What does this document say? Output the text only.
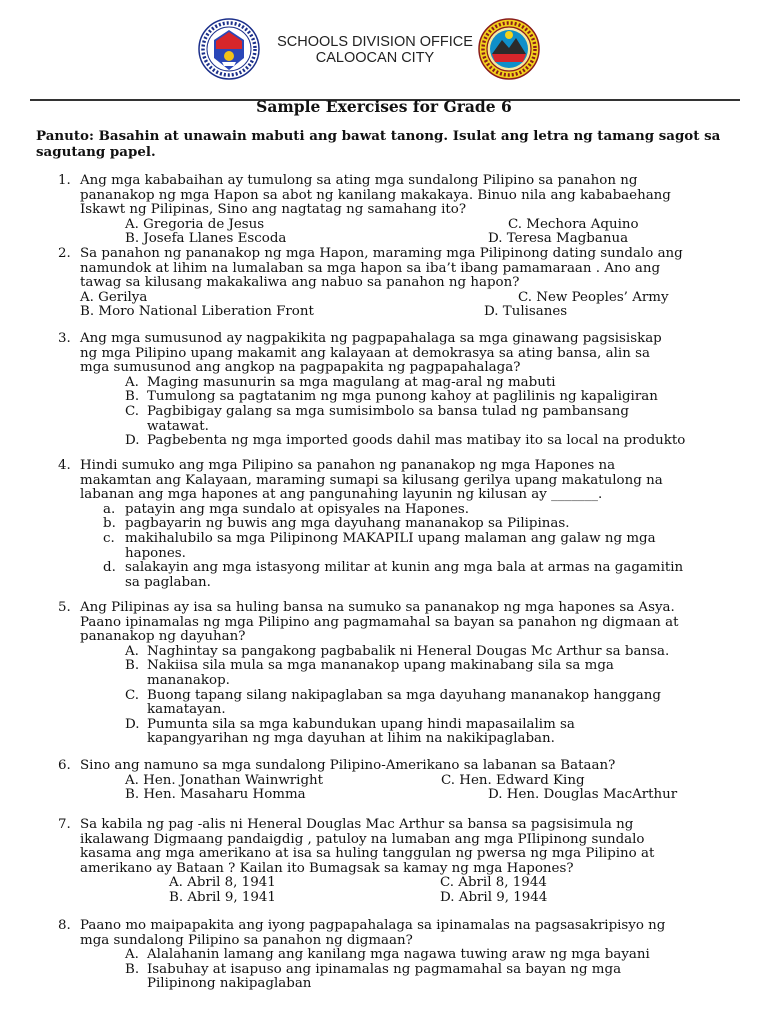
SCHOOLS DIVISION OFFICE
CALOOCAN CITY
Sample Exercises for Grade 6
Panuto: Basahin at unawain mabuti ang bawat tanong. Isulat ang letra ng tamang sagot sa sagutang papel.
1. Ang mga kababaihan ay tumulong sa ating mga sundalong Pilipino sa panahon ng

pananakop ng mga Hapon sa abot ng kanilang makakaya. Binuo nila ang kababaehang

Iskawt ng Pilipinas, Sino ang nagtatag ng samahang ito?

A. Gregoria de Jesus	C. Mechora Aquino
B. Josefa Llanes Escoda	D. Teresa Magbanua
2. Sa panahon ng pananakop ng mga Hapon, maraming mga Pilipinong dating sundalo ang

namundok at lihim na lumalaban sa mga hapon sa iba’t ibang pamamaraan . Ano ang

tawag sa kilusang makakaliwa ang nabuo sa panahon ng hapon?

A. Gerilya	C. New Peoples’ Army
B. Moro National Liberation Front	D. Tulisanes
3. Ang mga sumusunod ay nagpakikita ng pagpapahalaga sa mga ginawang pagsisiskap

ng mga Pilipino upang makamit ang kalayaan at demokrasya sa ating bansa, alin sa

mga sumusunod ang angkop na pagpapakita ng pagpapahalaga?

A. Maging masunurin sa mga magulang at mag-aral ng mabuti
B. Tumulong sa pagtatanim ng mga punong kahoy at paglilinis ng kapaligiran
C. Pagbibigay galang sa mga sumisimbolo sa bansa tulad ng pambansang
watawat.
D. Pagbebenta ng mga imported goods dahil mas matibay ito sa local na produkto
4. Hindi sumuko ang mga Pilipino sa panahon ng pananakop ng mga Hapones na

makamtan ang Kalayaan, maraming sumapi sa kilusang gerilya upang makatulong na

labanan ang mga hapones at ang pangunahing layunin ng kilusan ay _______.

a. patayin ang mga sundalo at opisyales na Hapones.
b. pagbayarin ng buwis ang mga dayuhang mananakop sa Pilipinas.
c. makihalubilo sa mga Pilipinong MAKAPILI upang malaman ang galaw ng mga
hapones.
d. salakayin ang mga istasyong militar at kunin ang mga bala at armas na gagamitin
sa paglaban.
5. Ang Pilipinas ay isa sa huling bansa na sumuko sa pananakop ng mga hapones sa Asya.

Paano ipinamalas ng mga Pilipino ang pagmamahal sa bayan sa panahon ng digmaan at

pananakop ng dayuhan?

A. Naghintay sa pangakong pagbabalik ni Heneral Dougas Mc Arthur sa bansa.
B. Nakiisa sila mula sa mga mananakop upang makinabang sila sa mga
mananakop.
C. Buong tapang silang nakipaglaban sa mga dayuhang mananakop hanggang
kamatayan.
D. Pumunta sila sa mga kabundukan upang hindi mapasailalim sa
kapangyarihan ng mga dayuhan at lihim na nakikipaglaban.
6. Sino ang namuno sa mga sundalong Pilipino-Amerikano sa labanan sa Bataan?

A. Hen. Jonathan Wainwright	C. Hen. Edward King
B. Hen. Masaharu Homma	D. Hen. Douglas MacArthur
7. Sa kabila ng pag -alis ni Heneral Douglas Mac Arthur sa bansa sa pagsisimula ng

ikalawang Digmaang pandaigdig , patuloy na lumaban ang mga PIlipinong sundalo

kasama ang mga amerikano at isa sa huling tanggulan ng pwersa ng mga Pilipino at

amerikano ay Bataan ? Kailan ito Bumagsak sa kamay ng mga Hapones?

A. Abril 8, 1941	C. Abril 8, 1944
B. Abril 9, 1941	D. Abril 9, 1944
8. Paano mo maipapakita ang iyong pagpapahalaga sa ipinamalas na pagsasakripisyo ng

mga sundalong Pilipino sa panahon ng digmaan?

A. Alalahanin lamang ang kanilang mga nagawa tuwing araw ng mga bayani
B. Isabuhay at isapuso ang ipinamalas ng pagmamahal sa bayan ng mga
Pilipinong nakipaglaban
